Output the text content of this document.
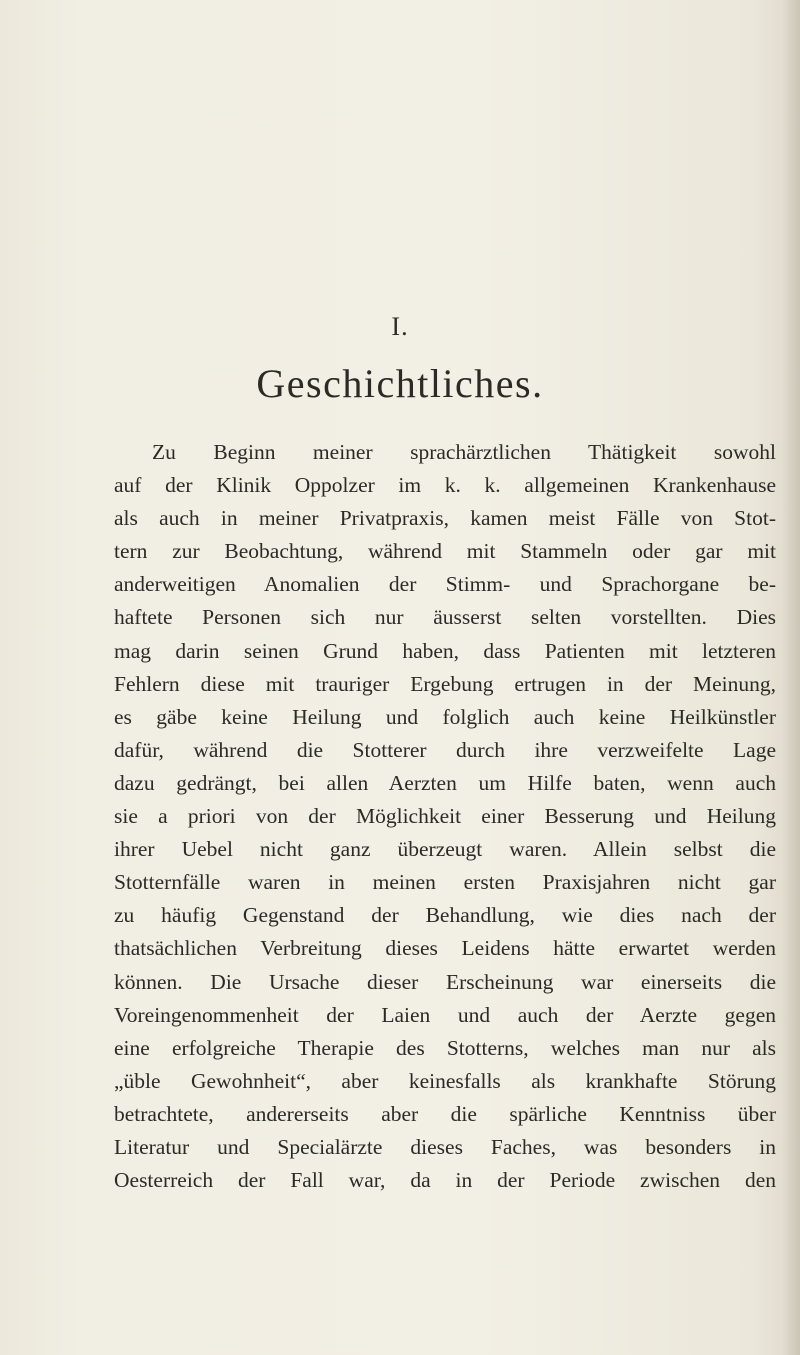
I.
Geschichtliches.
Zu Beginn meiner sprachärztlichen Thätigkeit sowohl
auf der Klinik Oppolzer im k. k. allgemeinen Krankenhause
als auch in meiner Privatpraxis, kamen meist Fälle von Stot-
tern zur Beobachtung, während mit Stammeln oder gar mit
anderweitigen Anomalien der Stimm- und Sprachorgane be-
haftete Personen sich nur äusserst selten vorstellten. Dies
mag darin seinen Grund haben, dass Patienten mit letzteren
Fehlern diese mit trauriger Ergebung ertrugen in der Meinung,
es gäbe keine Heilung und folglich auch keine Heilkünstler
dafür, während die Stotterer durch ihre verzweifelte Lage
dazu gedrängt, bei allen Aerzten um Hilfe baten, wenn auch
sie a priori von der Möglichkeit einer Besserung und Heilung
ihrer Uebel nicht ganz überzeugt waren. Allein selbst die
Stotternfälle waren in meinen ersten Praxisjahren nicht gar
zu häufig Gegenstand der Behandlung, wie dies nach der
thatsächlichen Verbreitung dieses Leidens hätte erwartet werden
können. Die Ursache dieser Erscheinung war einerseits die
Voreingenommenheit der Laien und auch der Aerzte gegen
eine erfolgreiche Therapie des Stotterns, welches man nur als
„üble Gewohnheit“, aber keinesfalls als krankhafte Störung
betrachtete, andererseits aber die spärliche Kenntniss über
Literatur und Specialärzte dieses Faches, was besonders in
Oesterreich der Fall war, da in der Periode zwischen den
